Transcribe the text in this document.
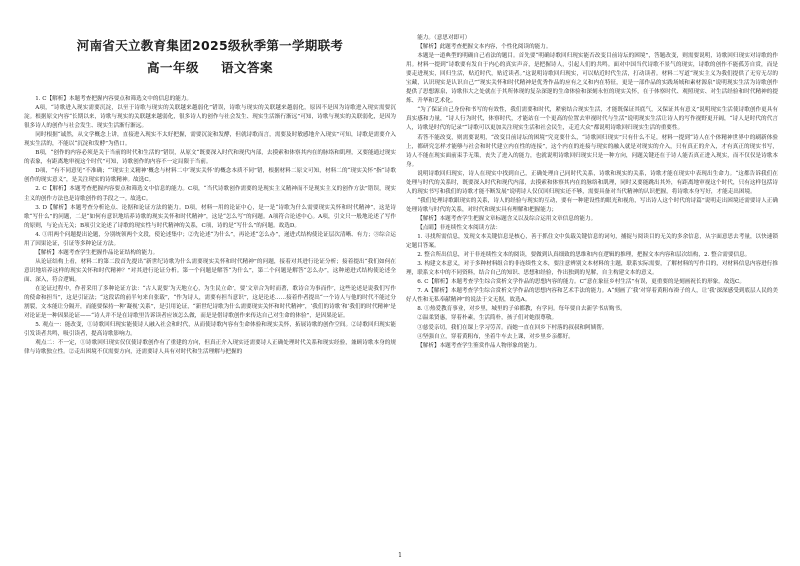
河南省天立教育集团2025级秋季第一学期联考
高一年级 语文答案

1. C【解析】本题考查把握内容要点和筛选文中的信息的能力。

A项，“诗歌进入现实需要沉淀，以至于诗歌与现实的关联越来越弱化”错误，诗歌与现实的关联越来越弱化，原因不是因为诗歌进入现实需要沉淀。根据原文内容“长期以来，诗歌与现实的关联越来越弱化，很多诗人的创作与社会发生、现实生活渐行渐远”可知，诗歌与现实的关联弱化，是因为很多诗人的创作与社会发生、现实生活渐行渐远。

同时根据“诚然，从文学概念上讲，直接进入现实不太好把握，需要沉淀和发酵，但就诗歌而言，需要及时敏感地介入现实”可知，诗歌是需要介入现实生活的，不能以“沉淀和发酵”为借口。

B项，“创作的内容必须是关于当前的时代和生活的”错误，从原文“既要深入时代和现代内部，去摸索和体察其内在的脉络和肌理，又要能通过现实的表象，有距离地审视这个时代”可知，诗歌创作的内容不一定局限于当前。

D项，“有不同意见”不准确；“‘现实主义精神’概念与材料二中‘现实关怀’的概念本质不同”错，根据材料二原文可知，材料二的“现实关怀”指“诗歌创作的现实意义”，是关注现实的诗歌精神。故选C。

2. C【解析】本题考查把握内容要点和筛选文中信息的能力。C项，“当代诗歌创作需要的是现实主义精神而不是现实主义的创作方法”错误，现实主义的创作方法也是诗歌创作的手段之一。故选C。

3. D【解析】本题考查分析论点、论据和论证方法的能力。D项，材料一用的论证中心，是一是“诗歌为什么需要现实关怀和时代精神”，这是诗歌“写什么”的问题，二是“如何有意识地培养诗歌的现实关怀和时代精神”，这是“怎么写”的问题。A项符合论述中心。A项，引文只一般地论述了写作的原则，与论点无关；B项引文论述了诗歌的现实性与时代精神的关系，C项，诗的是“写什么”的问题。故选D。

4. ①用两个问题提出论题，分别统领两个文段，使论述集中；②先论述“为什么”，再论述“怎么办”，递进式结构使论证层次清晰、有力；③综合运用了因果论证，引证等多种论证方法。

【解析】本题考查学生把握作品论证结构的能力。

从论证结构上看，材料二的第二段首先提出“新世纪诗歌为什么需要现实关怀和时代精神”的问题，接着对其进行论证分析；接着提出“我们如何在意识地培养这样的现实关怀和时代精神？”对其进行论证分析。第一个问题是解答“为什么”，第二个问题是解答“怎么办”，这种递进式结构使论述全面、深入，符合逻辑。

在论证过程中，作者采用了多种论证方法：“古人说要‘为天地立心，为生民立命’，要‘文章合为时而著，歌诗合为事而作’，这些论述是说我们写作的使命和担当”，这是引证法；“这段话的前半句来自张载”，“作为诗人，需要有担当意识”，这是论述……接着作者提出“一个诗人与他的时代不能过分割裂，文本能让分隔开，而能要保持一种‘凝视’关系”，是引用论证，“新世纪诗歌为什么需要现实关怀和时代精神”，‘我们的诗歌’和‘我们的时代精神’是对论证是一种因果论证——“诗人并不是在诗歌里告诉读者应该怎么做，而是是借诗歌创作来传达自己对生命的体验”，是因果论证。

5. 观点一：能改变，①诗歌回归现实能使诗人融入社会和时代，从而使诗歌内容有生命体验和现实关怀，拓展诗歌的创作空间。②诗歌回归现实能引发读者共鸣，吸引读者，提高诗歌影响力。

观点二：不一定，①诗歌回归现实仅仅使诗歌创作有了重建的方向，但真正介入现实还需要诗人正确处理时代关系和现实经验，兼顾诗歌本身的规律与诗歌独立性。②走出困境不仅需要方向，还需要诗人具有对时代和生活理解与把握的

能力。（意思对即可）

【解析】此题考查把握文本内容，个性化阅读的能力。

本题是一道典型的明确自己看法的题目。首先要“明确诗歌回归现实能否改变目前诗坛的困境”，答题改变，则需要说明，诗歌回归现实对诗歌的作用。材料一提到“诗歌要有发自于内心的真实声音，是把握诗人，引起人们的共鸣。面对中国当代诗歌不景气的现实，诗歌的创作不能孤芳自赏，而是要走进现实，回归生活，贴近时代，贴近读者。”这说明诗歌回归现实，可以贴近时代生活，打动读者。材料二写道“现实主义为我们提供了无穷无尽的宝藏，认识现实是认识自己”“现实关怀和时代精神是优秀作品的应有之义和内在特征，更是一部作品的实践场域和素材源泉”说明现实生活为诗歌创作提供了思想源泉，诗歌伟大之处就在于其所体现的复杂深邃的生命体验和深刻永恒的现实关怀，在于体察时代、观照现实、对生活经验和时代精神的提炼、升华和艺术化。

“为了保证自己身份和书写的有效性，我们需要和时代，紧密结合现实生活，才能既保证其底气，又保证其有意义”说明现实生活使诗歌创作更具有真实感和力量，“诗人行为时代，体察时代，才能站在一个更高的位置去审视时代与生活”说明现实生活让诗人的写作视野更开阔，“诗人是时代的代言人，诗歌是时代的记录”“诗歌可以更加关注现实生活和社会民生，走近大众”都说明诗歌回归现实生活的重要性。

若答不能改变，则需要说明，“改变目前诗坛的困境”究竟要什么，“诗歌回归现实”只有什么不足，材料一提到“诗人在个体精神世界中的刷新体验上，都研究怎样才能够与社会和时代建立内在性的连接”，这个内在的连接与现实的融入就是对现实的介入，只有真正的介入，才有真正的现实书写，诗人不能在现实面前束手无策，丧失了进入的能力，也就说明诗歌回归现实只是一种方向，问题关键还在于诗人能否真正进入现实，而不仅仅是诗歌本身。

说明诗歌回归现实，诗人在现实中找到自己，正确处理自己同时代关系，诗歌和现实的关系，诗歌才能在现实中表现出生命力。“这都告诉我们在处理与时代的关系时，既要深入时代和现代内部，去摸索和体察其内在的脉络和肌理，同时又要能跳出其外，有距离地审视这个时代，只有这样包括诗人的现实书写和我们的诗歌才能不断发展”说明诗人仅仅回归现实还不够，需要具备对当代精神的认识把握，将诗歌本身写好，才能走出困境。

“我们处理诗歌跟现实的关系，诗人的经验与现实的互动，要有一种建设性的眼光和视角，写出诗人这个时代的诗篇”说明走出困境还需要诗人正确处理诗歌与时代的关系，对时代和现实具有理解和把握能力；

【解析】本题考查学生把握文章标题含义以及综合运用文章信息的能力。

【点睛】非连续性文本阅读方法：

1. 寻找所需信息，发现文本关键信息是核心，善于抓住文中负载关键信息的词句，捕捉与阅读目的无关的多余信息，从字面意思去考量，以快速锁定题目答案。

2. 整合所出信息，对于非连续性文本的阅读，要做到认真细致的思维和内在逻辑的推理，把握文本内容和层次结构，2. 整合需要信息。

3. 构建文本意义，对于多种材料组合的非连续性文本，要注意辨别文本材料的主题，联系实际需要，了解材料的写作目的，对材料信息内容进行推理，联系文本中的不同资料，结合自己的知识、思想和经验，作出独到的见解，自主构建文本的意义。

6. C【解析】本题考查学生综合赏析文学作品的思想内容的能力。C“意在象征乡村生活”有误，更重要的是刻画祝长的形象。故选C。

7. A【解析】本题考查学生综合赏析文学作品的思想内容和艺术手法的能力。A“刻画了‘我’对穿着黄粗布褂子的人，让‘我’深深感受到底层人民的美好人性和无私奉献精神”的说法于文无据，故选A。

8. ①热爱教育事业，对乡里，城里的子弟都教，有学问。每年要自去新学书店购书。

②温柔贤惠，穿着朴素，生活简朴，孩子们对她很尊敬。

③慈爱亲切，我们在课上学习劳苦。而她一直在回乡下村落的叔叔和阿姨帮。

④坚强自立，穿着黄粗布，坐着牛车去上课，对乡里乡亲都好。

【解析】本题考查学生鉴赏作品人物形象的能力。

1
